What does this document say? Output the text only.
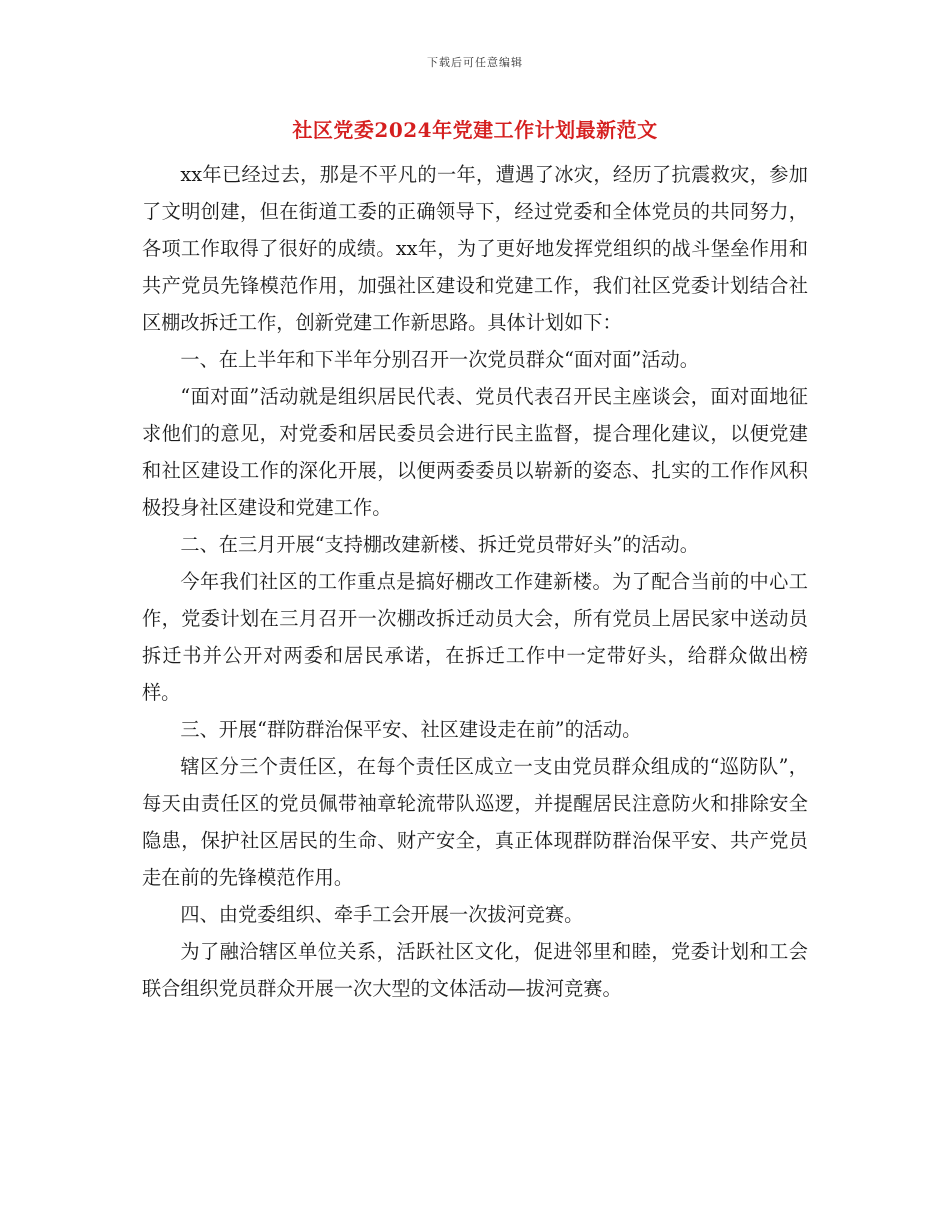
下载后可任意编辑
社区党委2024年党建工作计划最新范文

xx年已经过去，那是不平凡的一年，遭遇了冰灾，经历了抗震救灾，参加了文明创建，但在街道工委的正确领导下，经过党委和全体党员的共同努力，各项工作取得了很好的成绩。xx年，为了更好地发挥党组织的战斗堡垒作用和共产党员先锋模范作用，加强社区建设和党建工作，我们社区党委计划结合社区棚改拆迁工作，创新党建工作新思路。具体计划如下：

一、在上半年和下半年分别召开一次党员群众“面对面”活动。

“面对面”活动就是组织居民代表、党员代表召开民主座谈会，面对面地征求他们的意见，对党委和居民委员会进行民主监督，提合理化建议，以便党建和社区建设工作的深化开展，以便两委委员以崭新的姿态、扎实的工作作风积极投身社区建设和党建工作。

二、在三月开展“支持棚改建新楼、拆迁党员带好头”的活动。

今年我们社区的工作重点是搞好棚改工作建新楼。为了配合当前的中心工作，党委计划在三月召开一次棚改拆迁动员大会，所有党员上居民家中送动员拆迁书并公开对两委和居民承诺，在拆迁工作中一定带好头，给群众做出榜样。

三、开展“群防群治保平安、社区建设走在前”的活动。

辖区分三个责任区，在每个责任区成立一支由党员群众组成的“巡防队”，每天由责任区的党员佩带袖章轮流带队巡逻，并提醒居民注意防火和排除安全隐患，保护社区居民的生命、财产安全，真正体现群防群治保平安、共产党员走在前的先锋模范作用。

四、由党委组织、牵手工会开展一次拔河竞赛。

为了融洽辖区单位关系，活跃社区文化，促进邻里和睦，党委计划和工会联合组织党员群众开展一次大型的文体活动—拔河竞赛。
